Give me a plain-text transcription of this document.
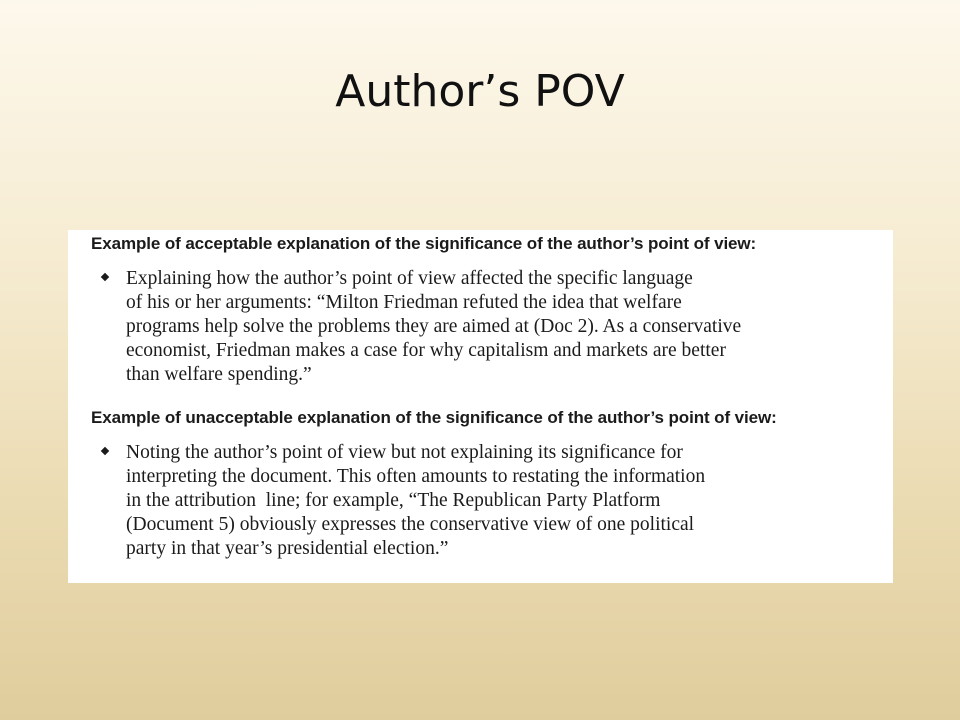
Author’s POV

Example of acceptable explanation of the significance of the author’s point of view:

Explaining how the author’s point of view affected the specific language
of his or her arguments: “Milton Friedman refuted the idea that welfare
programs help solve the problems they are aimed at (Doc 2). As a conservative
economist, Friedman makes a case for why capitalism and markets are better
than welfare spending.”

Example of unacceptable explanation of the significance of the author’s point of view:

Noting the author’s point of view but not explaining its significance for
interpreting the document. This often amounts to restating the information
in the attribution  line; for example, “The Republican Party Platform
(Document 5) obviously expresses the conservative view of one political
party in that year’s presidential election.”
